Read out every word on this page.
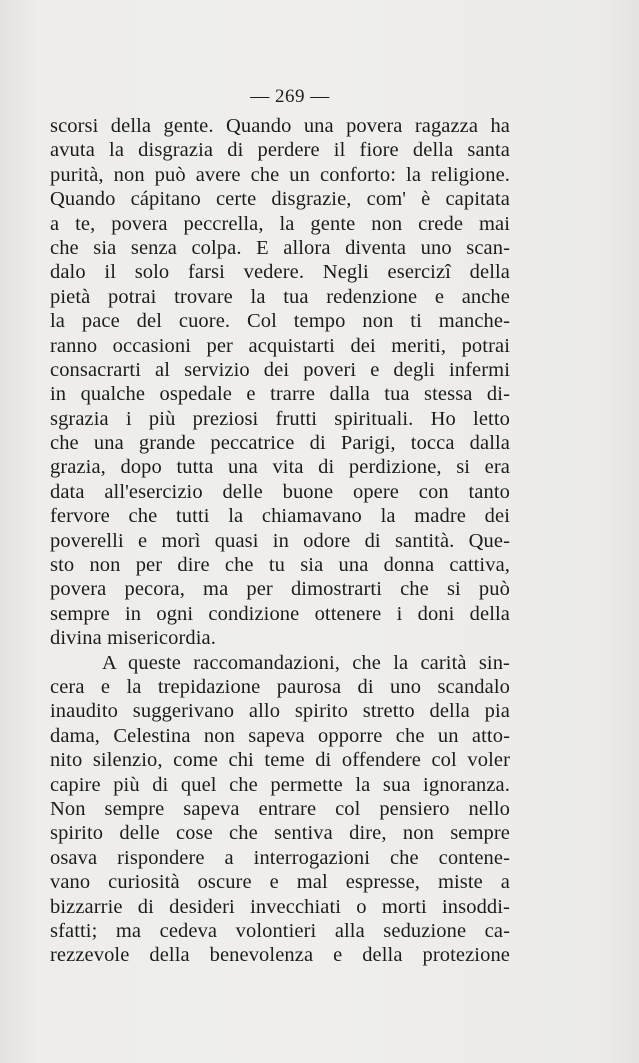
— 269 —
scorsi della gente. Quando una povera ragazza ha
avuta la disgrazia di perdere il fiore della santa
purità, non può avere che un conforto: la religione.
Quando cápitano certe disgrazie, com' è capitata
a te, povera peccrella, la gente non crede mai
che sia senza colpa. E allora diventa uno scan-
dalo il solo farsi vedere. Negli esercizî della
pietà potrai trovare la tua redenzione e anche
la pace del cuore. Col tempo non ti manche-
ranno occasioni per acquistarti dei meriti, potrai
consacrarti al servizio dei poveri e degli infermi
in qualche ospedale e trarre dalla tua stessa di-
sgrazia i più preziosi frutti spirituali. Ho letto
che una grande peccatrice di Parigi, tocca dalla
grazia, dopo tutta una vita di perdizione, si era
data all'esercizio delle buone opere con tanto
fervore che tutti la chiamavano la madre dei
poverelli e morì quasi in odore di santità. Que-
sto non per dire che tu sia una donna cattiva,
povera pecora, ma per dimostrarti che si può
sempre in ogni condizione ottenere i doni della
divina misericordia.
A queste raccomandazioni, che la carità sin-
cera e la trepidazione paurosa di uno scandalo
inaudito suggerivano allo spirito stretto della pia
dama, Celestina non sapeva opporre che un atto-
nito silenzio, come chi teme di offendere col voler
capire più di quel che permette la sua ignoranza.
Non sempre sapeva entrare col pensiero nello
spirito delle cose che sentiva dire, non sempre
osava rispondere a interrogazioni che contene-
vano curiosità oscure e mal espresse, miste a
bizzarrie di desideri invecchiati o morti insoddi-
sfatti; ma cedeva volontieri alla seduzione ca-
rezzevole della benevolenza e della protezione
